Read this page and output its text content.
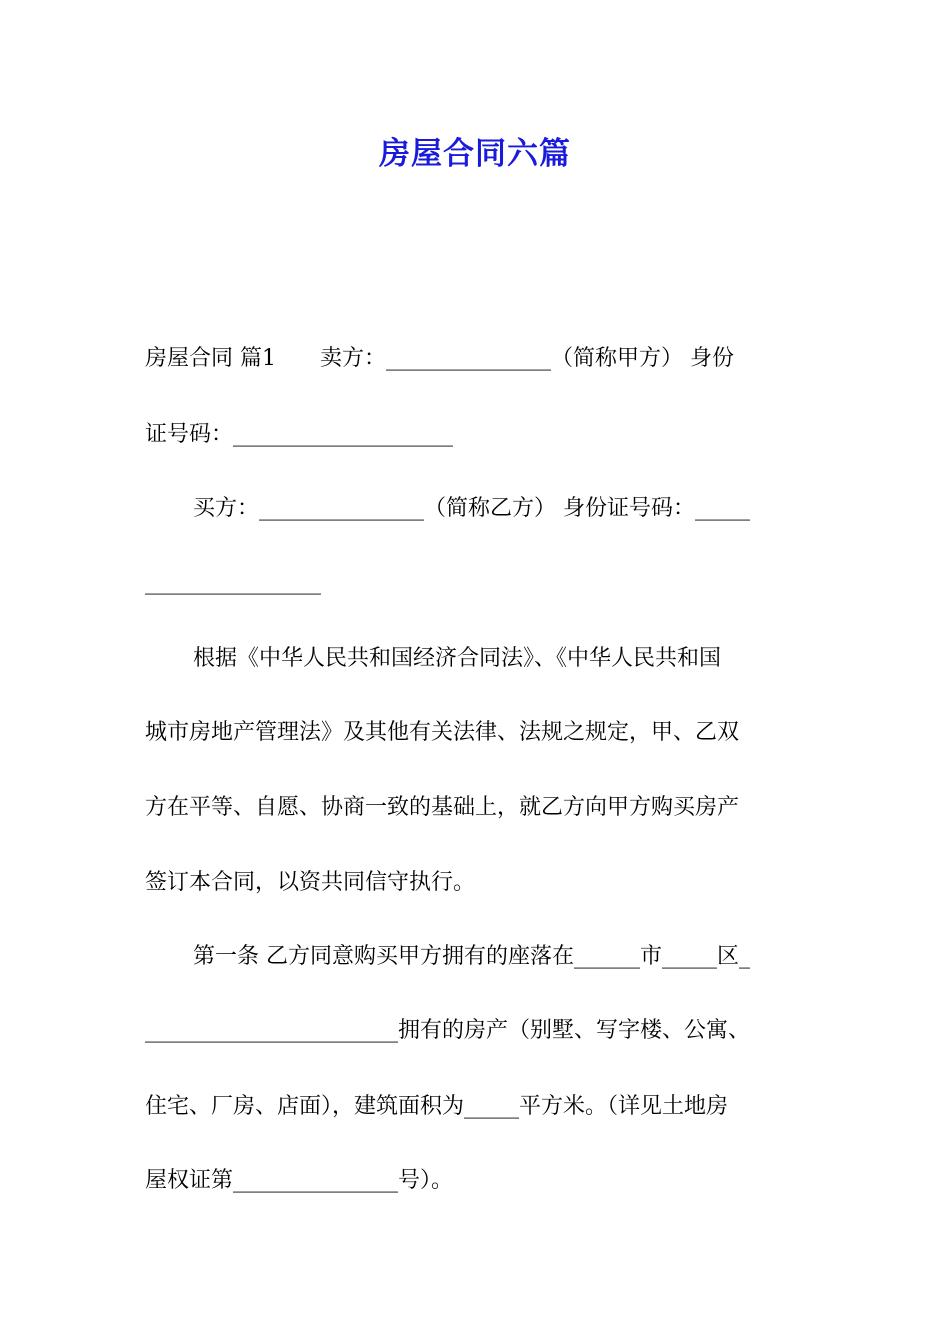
房屋合同六篇
房屋合同 篇1　　卖方：_______________（简称甲方） 身份
证号码：____________________
买方：_______________（简称乙方） 身份证号码：_____
________________
根据《中华人民共和国经济合同法》、《中华人民共和国
城市房地产管理法》及其他有关法律、法规之规定，甲、乙双
方在平等、自愿、协商一致的基础上，就乙方向甲方购买房产
签订本合同，以资共同信守执行。
第一条 乙方同意购买甲方拥有的座落在______市_____区_
_______________________拥有的房产（别墅、写字楼、公寓、
住宅、厂房、店面），建筑面积为_____平方米。（详见土地房
屋权证第_______________号）。
